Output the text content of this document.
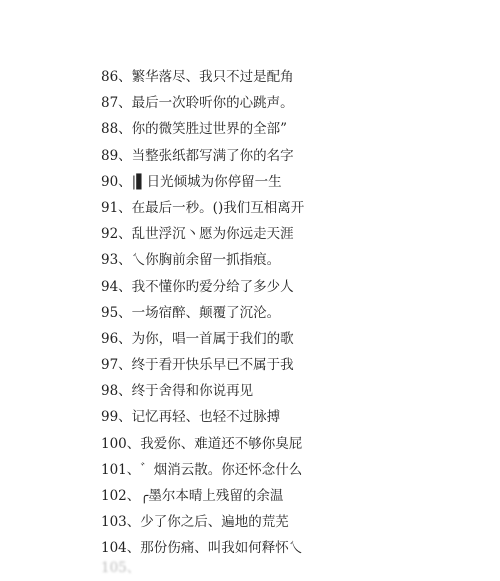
86、繁华落尽、我只不过是配角
87、最后一次聆听你的心跳声。
88、你的微笑胜过世界的全部”
89、当整张纸都写满了你的名字
90、|▌日光倾城为你停留一生
91、在最后一秒。()我们互相离开
92、乱世浮沉丶愿为你远走天涯
93、乀你胸前余留一抓指痕。
94、我不懂你旳爱分给了多少人
95、一场宿醉、颠覆了沉沦。
96、为你，唱一首属于我们的歌
97、终于看开快乐早已不属于我
98、终于舍得和你说再见
99、记忆再轻、也轻不过脉搏
100、我爱你、难道还不够你臭屁
101、゛烟消云散。你还怀念什么
102、╭墨尔本晴上残留的余温
103、少了你之后、遍地的荒芜
104、那份伤痛、叫我如何释怀乀
105、
